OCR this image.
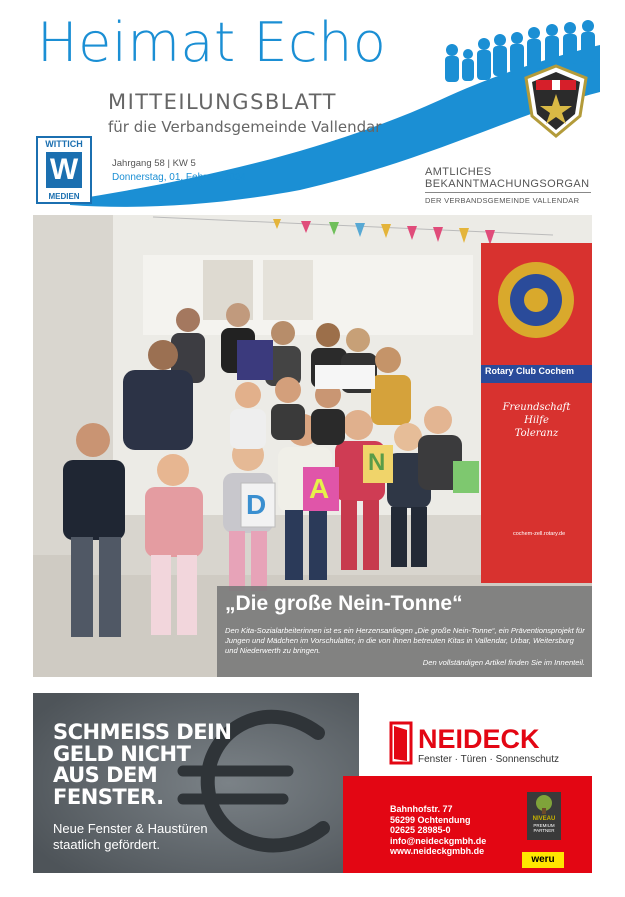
Heimat Echo
MITTEILUNGSBLATT
für die Verbandsgemeinde Vallendar
Jahrgang 58 | KW 5
Donnerstag, 01. Februar 2024	AMTLICHES
BEKANNTMACHUNGSORGAN
DER VERBANDSGEMEINDE VALLENDAR
WITTICH
W
MEDIEN
Rotary Club Cochem
Freundschaft
Hilfe
Toleranz
cochem-zell.rotary.de
D
A
N
„Die große Nein-Tonne“
Den Kita-Sozialarbeiterinnen ist es ein Herzensanliegen „Die große Nein-Tonne“, ein Präventionsprojekt für Jungen und Mädchen im Vorschulalter, in die von ihnen betreuten Kitas in Vallendar, Urbar, Weitersburg und Niederwerth zu bringen.
Den vollständigen Artikel finden Sie im Innenteil.
SCHMEISS DEIN
GELD NICHT
AUS DEM
FENSTER.
Neue Fenster & Haustüren
staatlich gefördert.
NEIDECK
Fenster · Türen · Sonnenschutz
Bahnhofstr. 77
56299 Ochtendung
02625 28985-0
info@neideckgmbh.de
www.neideckgmbh.de
NIVEAU
PREMIUM
PARTNER
weru
